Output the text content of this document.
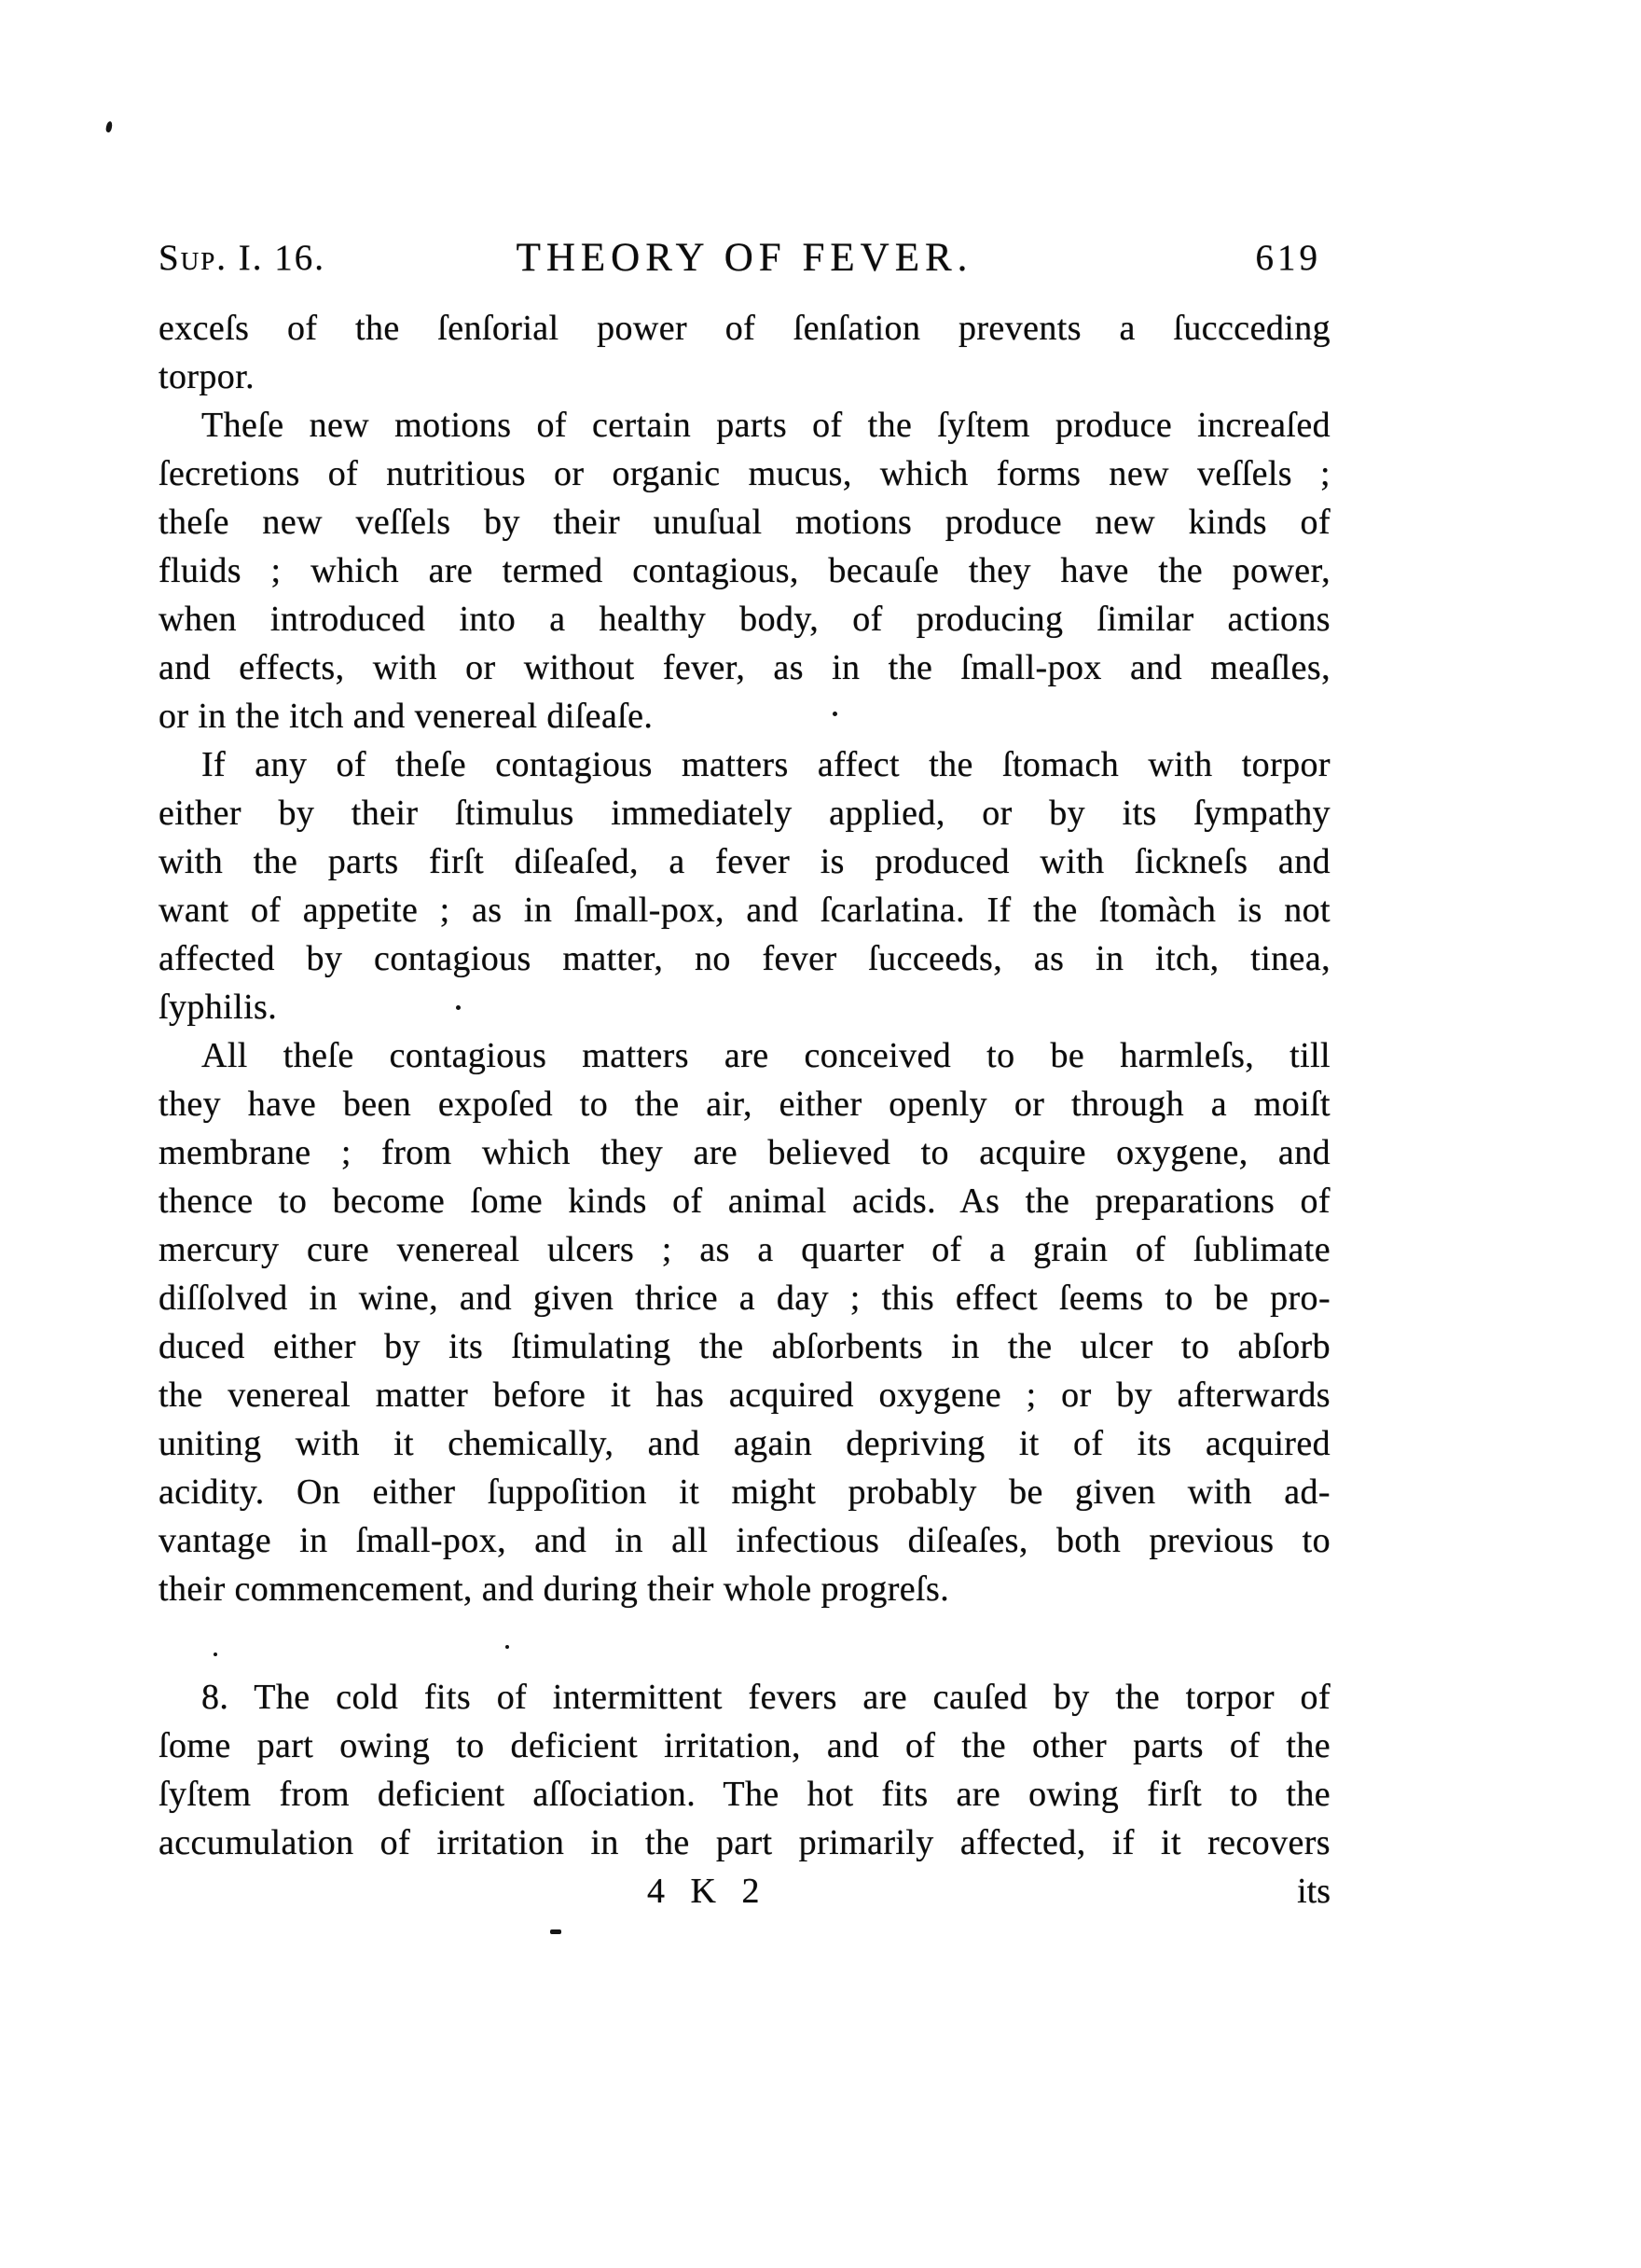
Sup. I. 16.	THEORY OF FEVER.	619
exceſs of the ſenſorial power of ſenſation prevents a ſuccceding
torpor.
Theſe new motions of certain parts of the ſyſtem produce increaſed
ſecretions of nutritious or organic mucus, which forms new veſſels ;
theſe new veſſels by their unuſual motions produce new kinds of
fluids ; which are termed contagious, becauſe they have the power,
when introduced into a healthy body, of producing ſimilar actions
and effects, with or without fever, as in the ſmall-pox and meaſles,
or in the itch and venereal diſeaſe.
If any of theſe contagious matters affect the ſtomach with torpor
either by their ſtimulus immediately applied, or by its ſympathy
with the parts firſt diſeaſed, a fever is produced with ſickneſs and
want of appetite ; as in ſmall-pox, and ſcarlatina. If the ſtomàch is not
affected by contagious matter, no fever ſucceeds, as in itch, tinea,
ſyphilis.
All theſe contagious matters are conceived to be harmleſs, till
they have been expoſed to the air, either openly or through a moiſt
membrane ; from which they are believed to acquire oxygene, and
thence to become ſome kinds of animal acids. As the preparations of
mercury cure venereal ulcers ; as a quarter of a grain of ſublimate
diſſolved in wine, and given thrice a day ; this effect ſeems to be pro-
duced either by its ſtimulating the abſorbents in the ulcer to abſorb
the venereal matter before it has acquired oxygene ; or by afterwards
uniting with it chemically, and again depriving it of its acquired
acidity. On either ſuppoſition it might probably be given with ad-
vantage in ſmall-pox, and in all infectious diſeaſes, both previous to
their commencement, and during their whole progreſs.
8. The cold fits of intermittent fevers are cauſed by the torpor of
ſome part owing to deficient irritation, and of the other parts of the
ſyſtem from deficient aſſociation. The hot fits are owing firſt to the
accumulation of irritation in the part primarily affected, if it recovers
4 K 2	its
